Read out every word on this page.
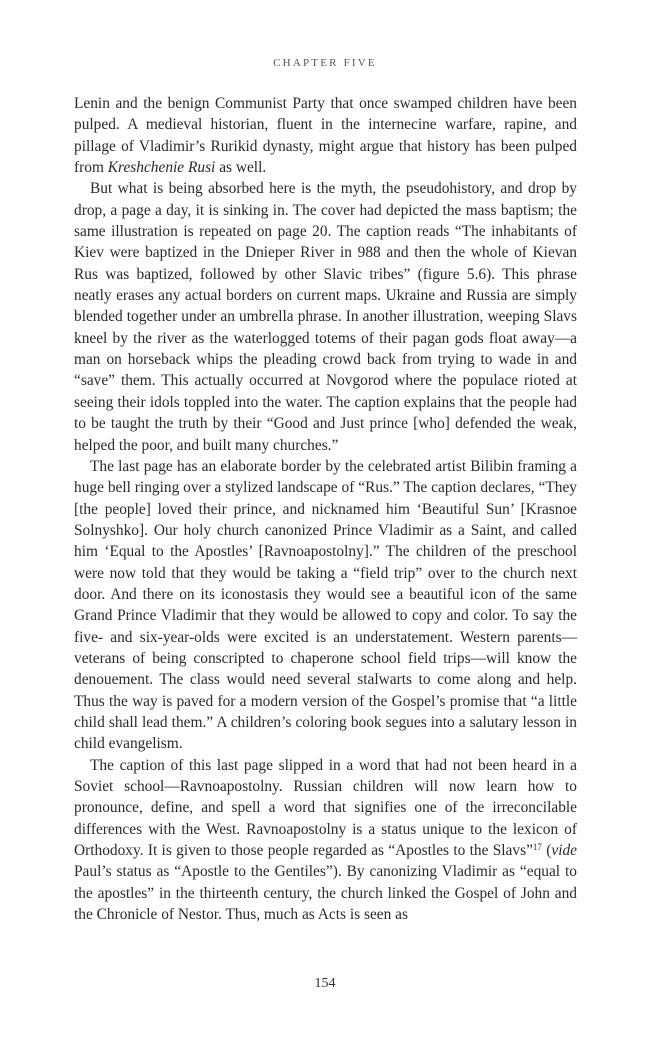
CHAPTER FIVE

Lenin and the benign Communist Party that once swamped children have been pulped. A medieval historian, fluent in the internecine warfare, rapine, and pillage of Vladimir’s Rurikid dynasty, might argue that history has been pulped from Kreshchenie Rusi as well.

But what is being absorbed here is the myth, the pseudohistory, and drop by drop, a page a day, it is sinking in. The cover had depicted the mass baptism; the same illustration is repeated on page 20. The caption reads “The inhabitants of Kiev were baptized in the Dnieper River in 988 and then the whole of Kievan Rus was baptized, followed by other Slavic tribes” (figure 5.6). This phrase neatly erases any actual borders on current maps. Ukraine and Russia are simply blended together under an umbrella phrase. In another illustration, weeping Slavs kneel by the river as the waterlogged totems of their pagan gods float away—a man on horseback whips the pleading crowd back from trying to wade in and “save” them. This actually occurred at Novgorod where the populace rioted at seeing their idols toppled into the water. The caption explains that the people had to be taught the truth by their “Good and Just prince [who] defended the weak, helped the poor, and built many churches.”

The last page has an elaborate border by the celebrated artist Bilibin framing a huge bell ringing over a stylized landscape of “Rus.” The caption declares, “They [the people] loved their prince, and nicknamed him ‘Beautiful Sun’ [Krasnoe Solnyshko]. Our holy church canonized Prince Vladimir as a Saint, and called him ‘Equal to the Apostles’ [Ravnoapostolny].” The children of the preschool were now told that they would be taking a “field trip” over to the church next door. And there on its iconostasis they would see a beautiful icon of the same Grand Prince Vladimir that they would be allowed to copy and color. To say the five- and six-year-olds were excited is an understatement. Western parents—veterans of being conscripted to chaperone school field trips—will know the denouement. The class would need several stalwarts to come along and help. Thus the way is paved for a modern version of the Gospel’s promise that “a little child shall lead them.” A children’s coloring book segues into a salutary lesson in child evangelism.

The caption of this last page slipped in a word that had not been heard in a Soviet school—Ravnoapostolny. Russian children will now learn how to pronounce, define, and spell a word that signifies one of the irreconcilable differences with the West. Ravnoapostolny is a status unique to the lexicon of Orthodoxy. It is given to those people regarded as “Apostles to the Slavs”$^{17}$ (vide Paul’s status as “Apostle to the Gentiles”). By canonizing Vladimir as “equal to the apostles” in the thirteenth century, the church linked the Gospel of John and the Chronicle of Nestor. Thus, much as Acts is seen as

154
